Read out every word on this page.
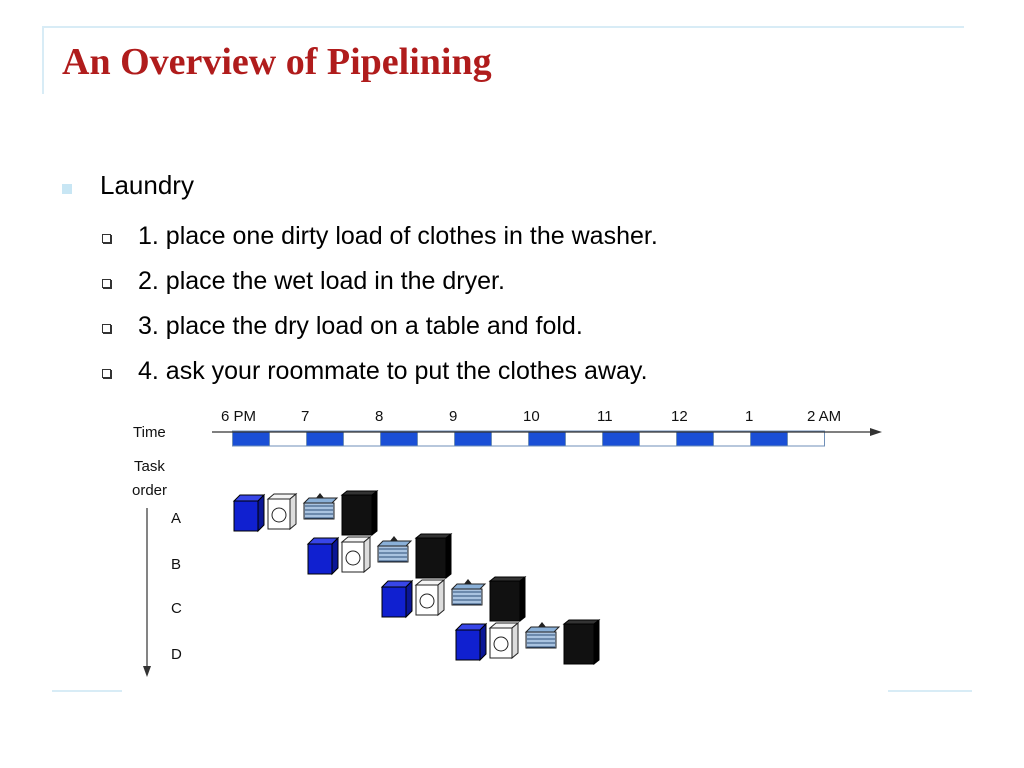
An Overview of Pipelining
Laundry
1. place one dirty load of clothes in the washer.
2. place the wet load in the dryer.
3. place the dry load on a table and fold.
4. ask your roommate to put the clothes away.
Time
Task
order
6 PM	7	8	9	10	11	12	1	2 AM
A
B
C
D
